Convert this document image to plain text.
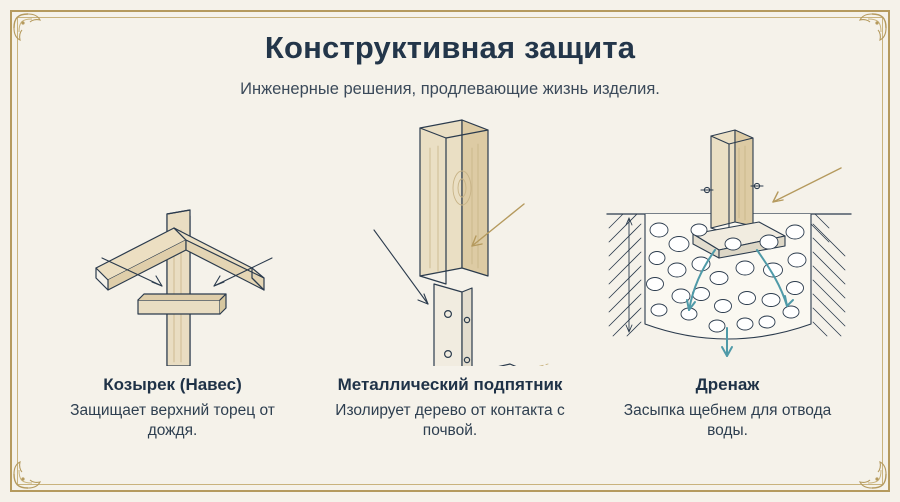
Конструктивная защита

Инженерные решения, продлевающие жизнь изделия.

Козырек (Навес)
Защищает верхний торец от дождя.
Металлический подпятник
Изолирует дерево от контакта с почвой.
Дренаж
Засыпка щебнем для отвода воды.
